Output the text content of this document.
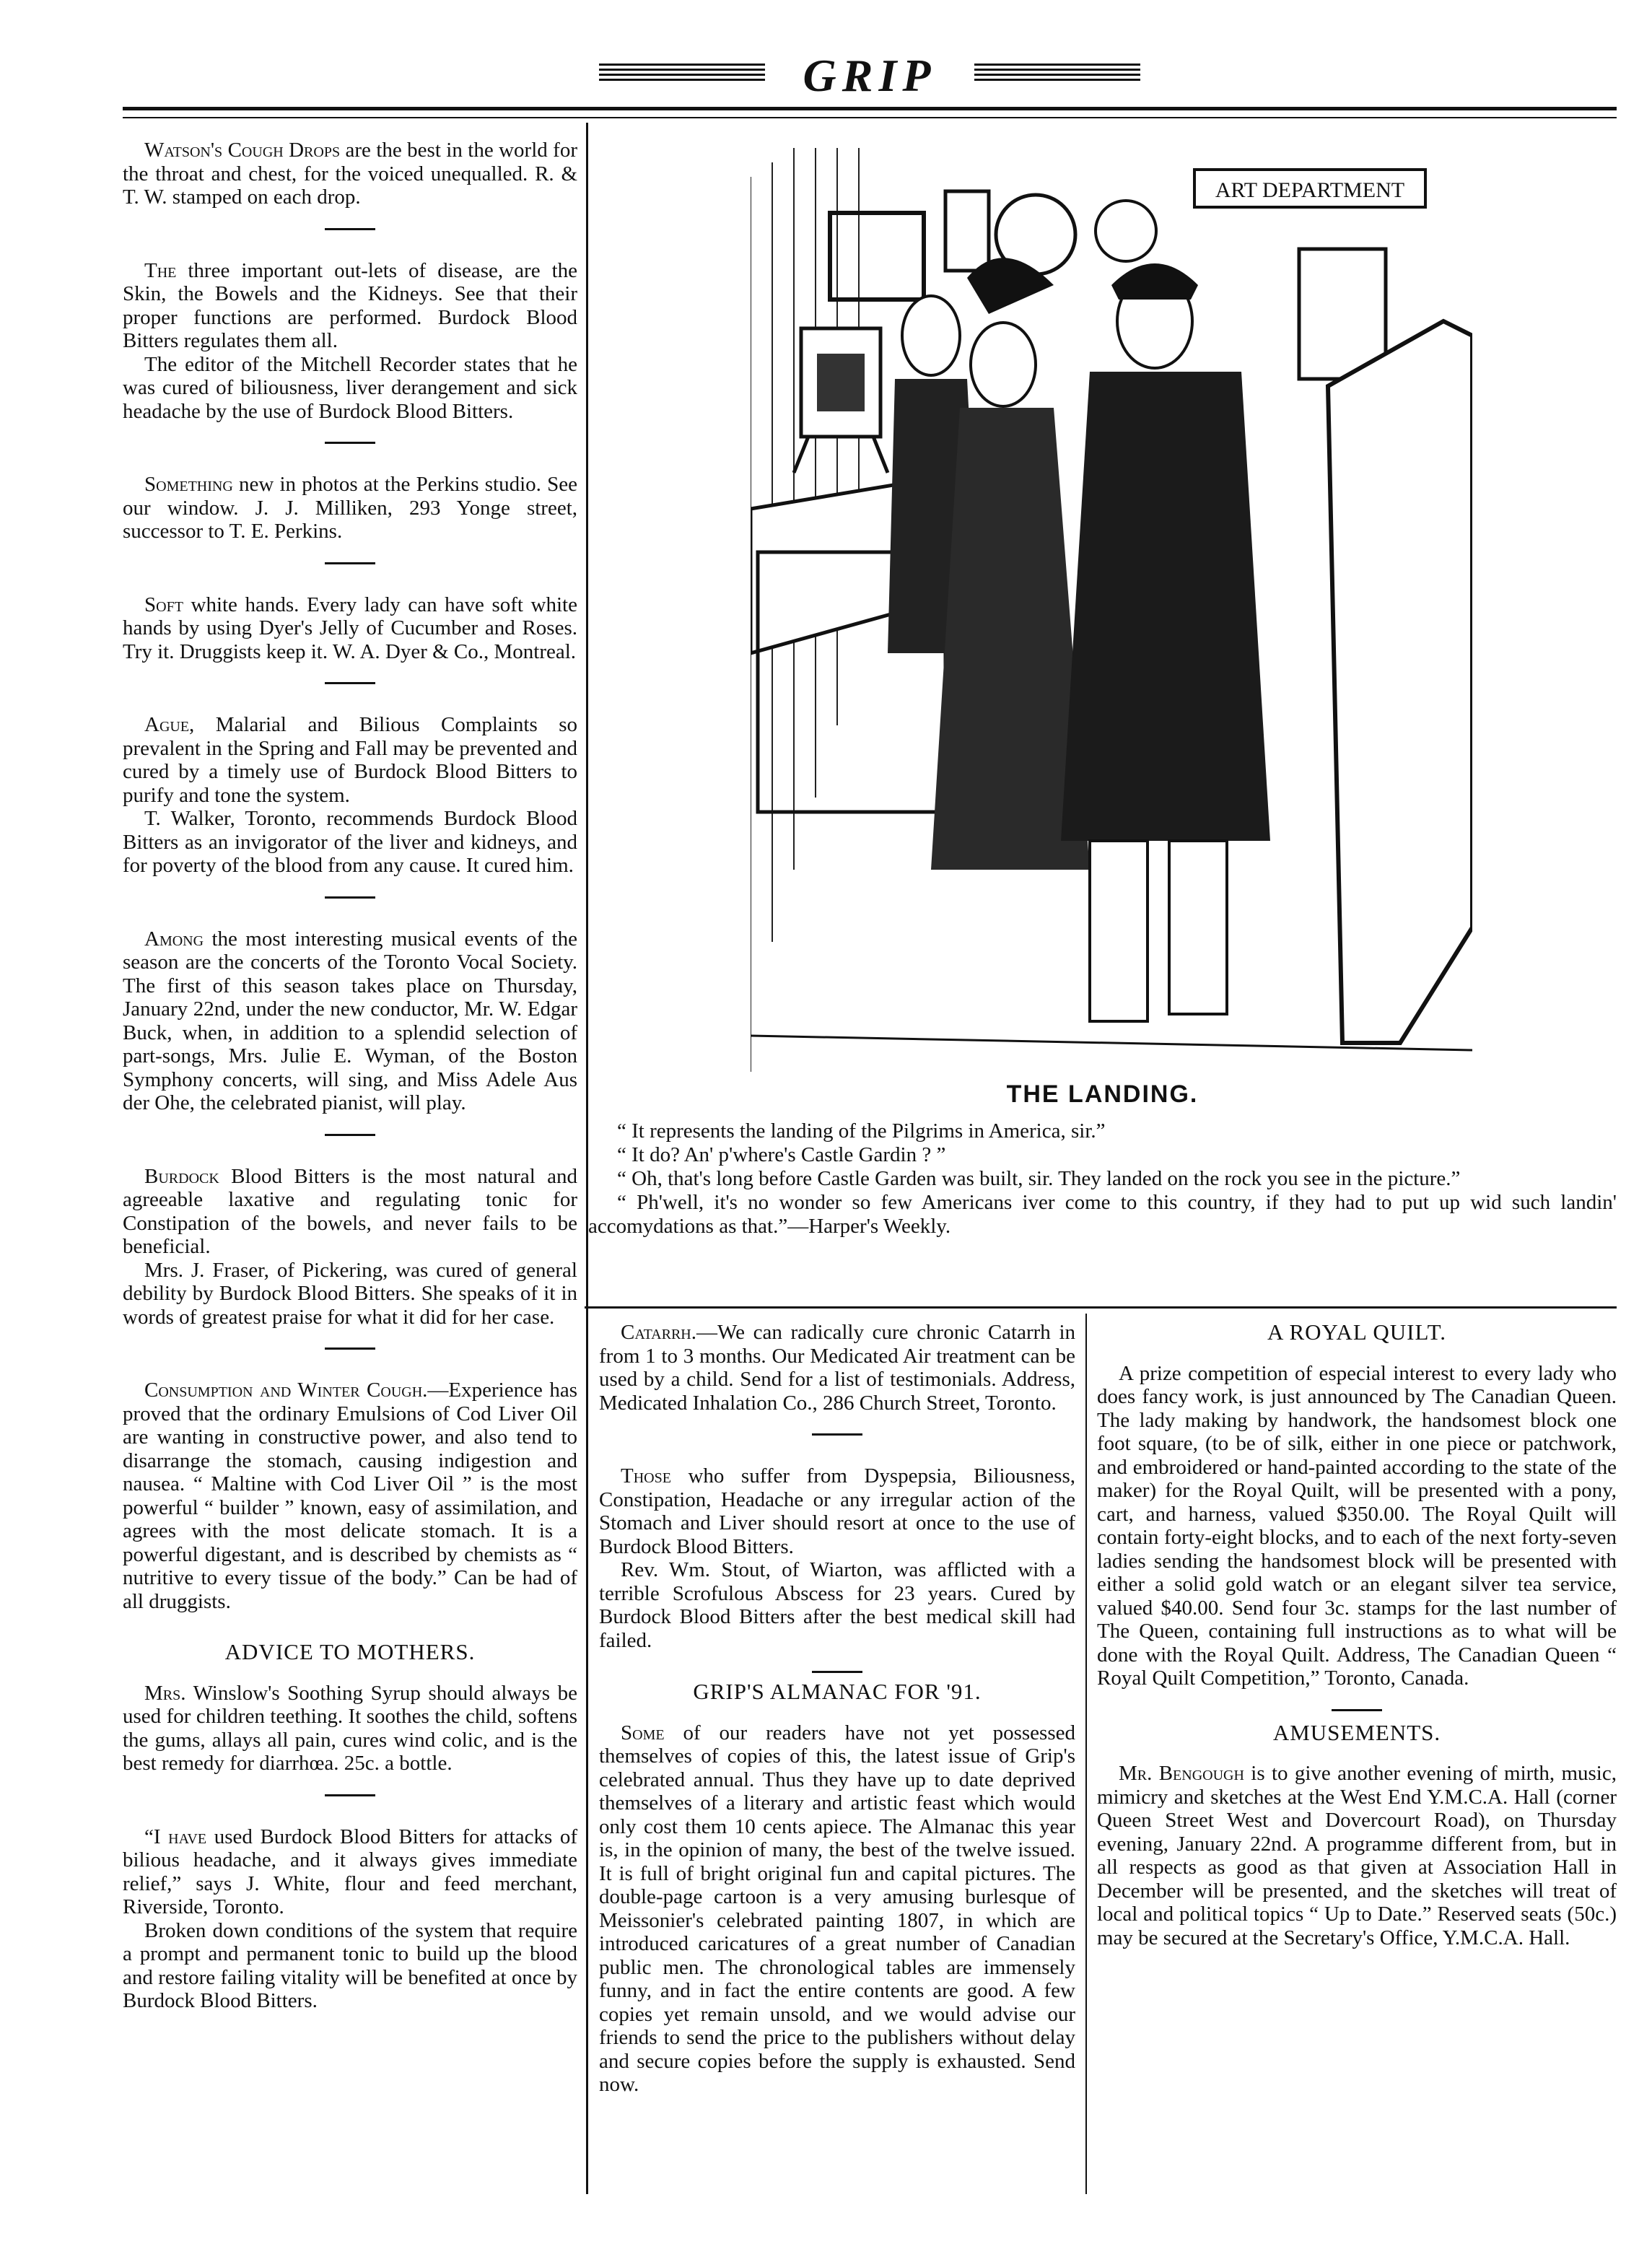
GRIP

Watson's Cough Drops are the best in the world for the throat and chest, for the voiced unequalled. R. & T. W. stamped on each drop.

The three important out-lets of disease, are the Skin, the Bowels and the Kidneys. See that their proper functions are performed. Burdock Blood Bitters regulates them all.

The editor of the Mitchell Recorder states that he was cured of biliousness, liver derangement and sick headache by the use of Burdock Blood Bitters.

Something new in photos at the Perkins studio. See our window. J. J. Milliken, 293 Yonge street, successor to T. E. Perkins.

Soft white hands. Every lady can have soft white hands by using Dyer's Jelly of Cucumber and Roses. Try it. Druggists keep it. W. A. Dyer & Co., Montreal.

Ague, Malarial and Bilious Complaints so prevalent in the Spring and Fall may be prevented and cured by a timely use of Burdock Blood Bitters to purify and tone the system.

T. Walker, Toronto, recommends Burdock Blood Bitters as an invigorator of the liver and kidneys, and for poverty of the blood from any cause. It cured him.

Among the most interesting musical events of the season are the concerts of the Toronto Vocal Society. The first of this season takes place on Thursday, January 22nd, under the new conductor, Mr. W. Edgar Buck, when, in addition to a splendid selection of part-songs, Mrs. Julie E. Wyman, of the Boston Symphony concerts, will sing, and Miss Adele Aus der Ohe, the celebrated pianist, will play.

Burdock Blood Bitters is the most natural and agreeable laxative and regulating tonic for Constipation of the bowels, and never fails to be beneficial.

Mrs. J. Fraser, of Pickering, was cured of general debility by Burdock Blood Bitters. She speaks of it in words of greatest praise for what it did for her case.

Consumption and Winter Cough.—Experience has proved that the ordinary Emulsions of Cod Liver Oil are wanting in constructive power, and also tend to disarrange the stomach, causing indigestion and nausea. “ Maltine with Cod Liver Oil ” is the most powerful “ builder ” known, easy of assimilation, and agrees with the most delicate stomach. It is a powerful digestant, and is described by chemists as “ nutritive to every tissue of the body.” Can be had of all druggists.

ADVICE TO MOTHERS.

Mrs. Winslow's Soothing Syrup should always be used for children teething. It soothes the child, softens the gums, allays all pain, cures wind colic, and is the best remedy for diarrhœa. 25c. a bottle.

“I have used Burdock Blood Bitters for attacks of bilious headache, and it always gives immediate relief,” says J. White, flour and feed merchant, Riverside, Toronto.

Broken down conditions of the system that require a prompt and permanent tonic to build up the blood and restore failing vitality will be benefited at once by Burdock Blood Bitters.

ART DEPARTMENT
THE LANDING.

“ It represents the landing of the Pilgrims in America, sir.”

“ It do? An' p'where's Castle Gardin ? ”

“ Oh, that's long before Castle Garden was built, sir. They landed on the rock you see in the picture.”

“ Ph'well, it's no wonder so few Americans iver come to this country, if they had to put up wid such landin' accomydations as that.”—Harper's Weekly.

Catarrh.—We can radically cure chronic Catarrh in from 1 to 3 months. Our Medicated Air treatment can be used by a child. Send for a list of testimonials. Address, Medicated Inhalation Co., 286 Church Street, Toronto.

Those who suffer from Dyspepsia, Biliousness, Constipation, Headache or any irregular action of the Stomach and Liver should resort at once to the use of Burdock Blood Bitters.

Rev. Wm. Stout, of Wiarton, was afflicted with a terrible Scrofulous Abscess for 23 years. Cured by Burdock Blood Bitters after the best medical skill had failed.

GRIP'S ALMANAC FOR '91.

Some of our readers have not yet possessed themselves of copies of this, the latest issue of Grip's celebrated annual. Thus they have up to date deprived themselves of a literary and artistic feast which would only cost them 10 cents apiece. The Almanac this year is, in the opinion of many, the best of the twelve issued. It is full of bright original fun and capital pictures. The double-page cartoon is a very amusing burlesque of Meissonier's celebrated painting 1807, in which are introduced caricatures of a great number of Canadian public men. The chronological tables are immensely funny, and in fact the entire contents are good. A few copies yet remain unsold, and we would advise our friends to send the price to the publishers without delay and secure copies before the supply is exhausted. Send now.

A ROYAL QUILT.

A prize competition of especial interest to every lady who does fancy work, is just announced by The Canadian Queen. The lady making by handwork, the handsomest block one foot square, (to be of silk, either in one piece or patchwork, and embroidered or hand-painted according to the state of the maker) for the Royal Quilt, will be presented with a pony, cart, and harness, valued $350.00. The Royal Quilt will contain forty-eight blocks, and to each of the next forty-seven ladies sending the handsomest block will be presented with either a solid gold watch or an elegant silver tea service, valued $40.00. Send four 3c. stamps for the last number of The Queen, containing full instructions as to what will be done with the Royal Quilt. Address, The Canadian Queen “ Royal Quilt Competition,” Toronto, Canada.

AMUSEMENTS.

Mr. Bengough is to give another evening of mirth, music, mimicry and sketches at the West End Y.M.C.A. Hall (corner Queen Street West and Dovercourt Road), on Thursday evening, January 22nd. A programme different from, but in all respects as good as that given at Association Hall in December will be presented, and the sketches will treat of local and political topics “ Up to Date.” Reserved seats (50c.) may be secured at the Secretary's Office, Y.M.C.A. Hall.
